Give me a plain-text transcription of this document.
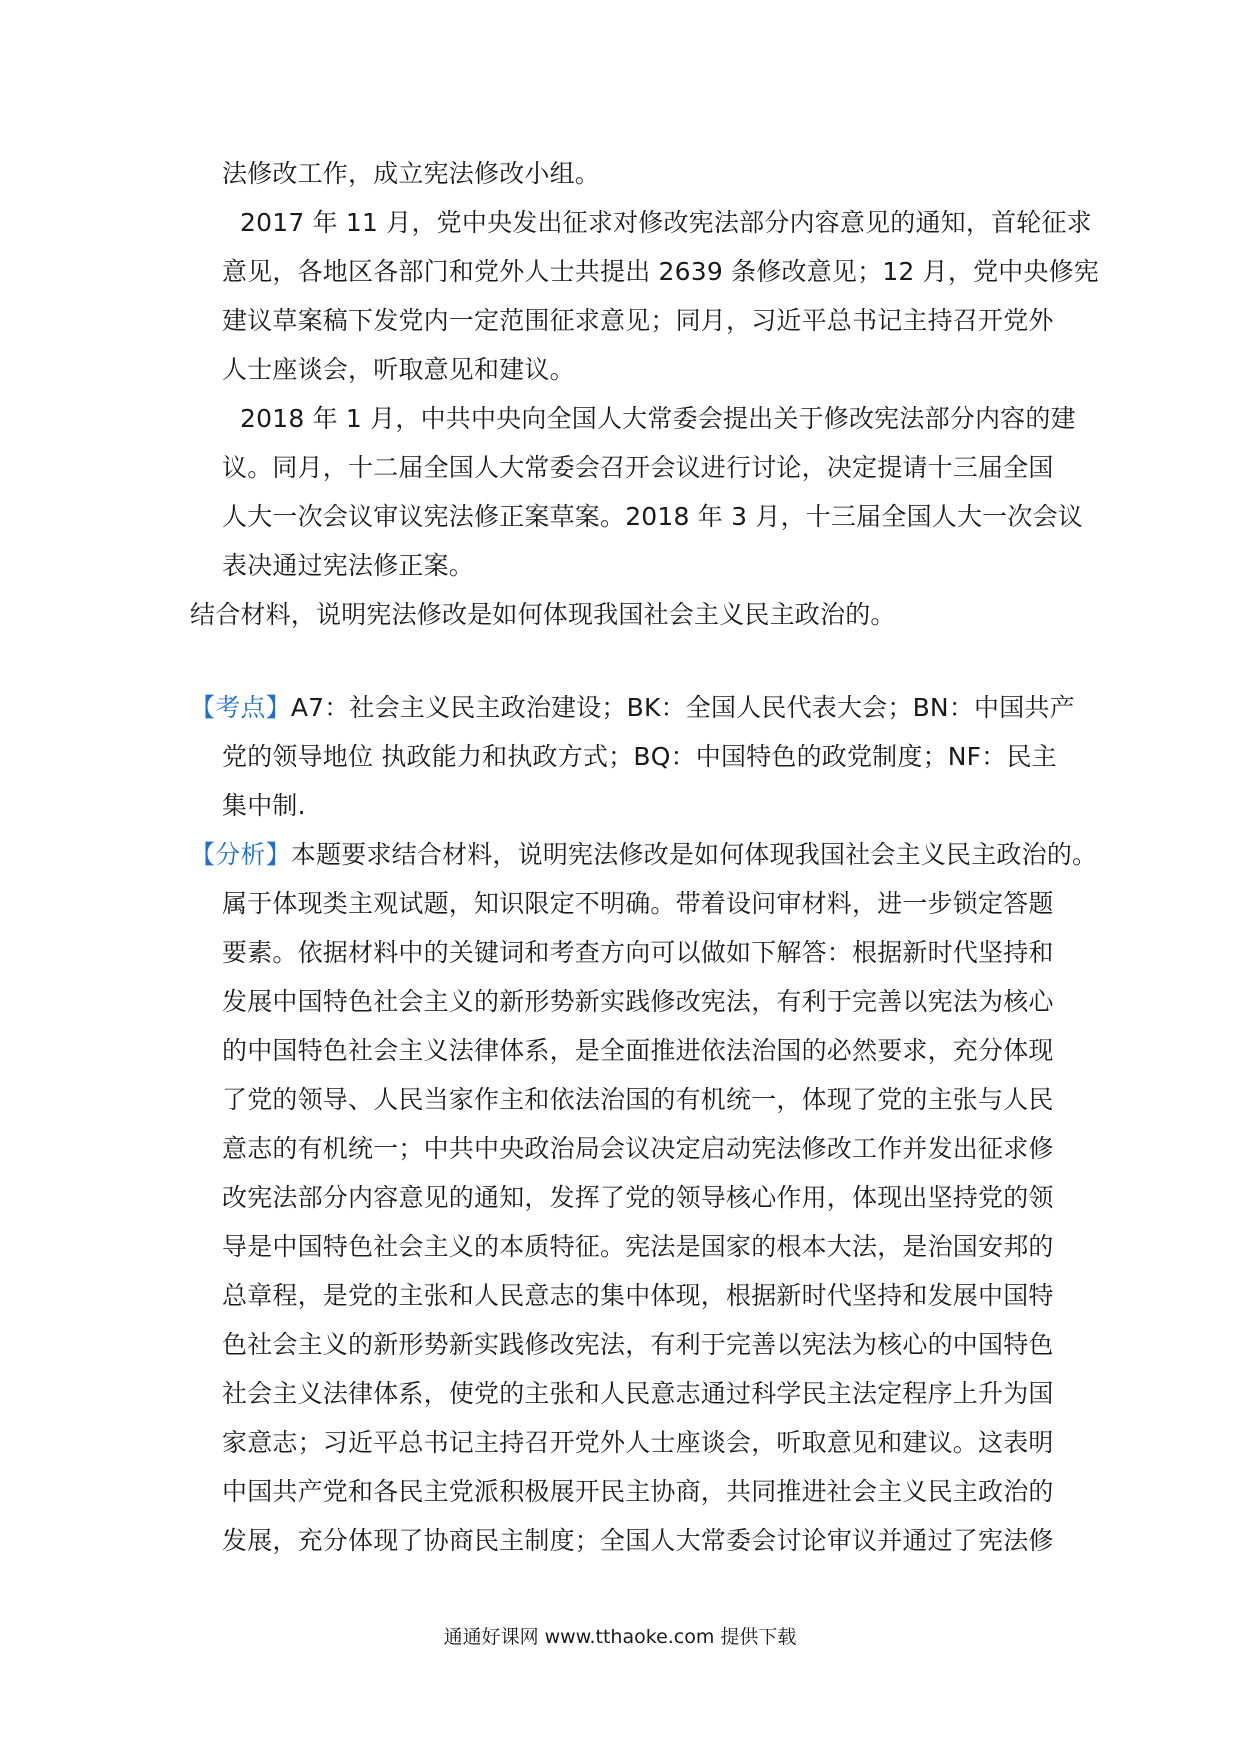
法修改工作，成立宪法修改小组。
2017 年 11 月，党中央发出征求对修改宪法部分内容意见的通知，首轮征求
意见，各地区各部门和党外人士共提出 2639 条修改意见；12 月，党中央修宪
建议草案稿下发党内一定范围征求意见；同月，习近平总书记主持召开党外
人士座谈会，听取意见和建议。
2018 年 1 月，中共中央向全国人大常委会提出关于修改宪法部分内容的建
议。同月，十二届全国人大常委会召开会议进行讨论，决定提请十三届全国
人大一次会议审议宪法修正案草案。2018 年 3 月，十三届全国人大一次会议
表决通过宪法修正案。
结合材料，说明宪法修改是如何体现我国社会主义民主政治的。
【考点】A7：社会主义民主政治建设；BK：全国人民代表大会；BN：中国共产
党的领导地位 执政能力和执政方式；BQ：中国特色的政党制度；NF：民主
集中制.
【分析】本题要求结合材料，说明宪法修改是如何体现我国社会主义民主政治的。
属于体现类主观试题，知识限定不明确。带着设问审材料，进一步锁定答题
要素。依据材料中的关键词和考查方向可以做如下解答：根据新时代坚持和
发展中国特色社会主义的新形势新实践修改宪法，有利于完善以宪法为核心
的中国特色社会主义法律体系，是全面推进依法治国的必然要求，充分体现
了党的领导、人民当家作主和依法治国的有机统一，体现了党的主张与人民
意志的有机统一；中共中央政治局会议决定启动宪法修改工作并发出征求修
改宪法部分内容意见的通知，发挥了党的领导核心作用，体现出坚持党的领
导是中国特色社会主义的本质特征。宪法是国家的根本大法，是治国安邦的
总章程，是党的主张和人民意志的集中体现，根据新时代坚持和发展中国特
色社会主义的新形势新实践修改宪法，有利于完善以宪法为核心的中国特色
社会主义法律体系，使党的主张和人民意志通过科学民主法定程序上升为国
家意志；习近平总书记主持召开党外人士座谈会，听取意见和建议。这表明
中国共产党和各民主党派积极展开民主协商，共同推进社会主义民主政治的
发展，充分体现了协商民主制度；全国人大常委会讨论审议并通过了宪法修
通通好课网 www.tthaoke.com 提供下载
